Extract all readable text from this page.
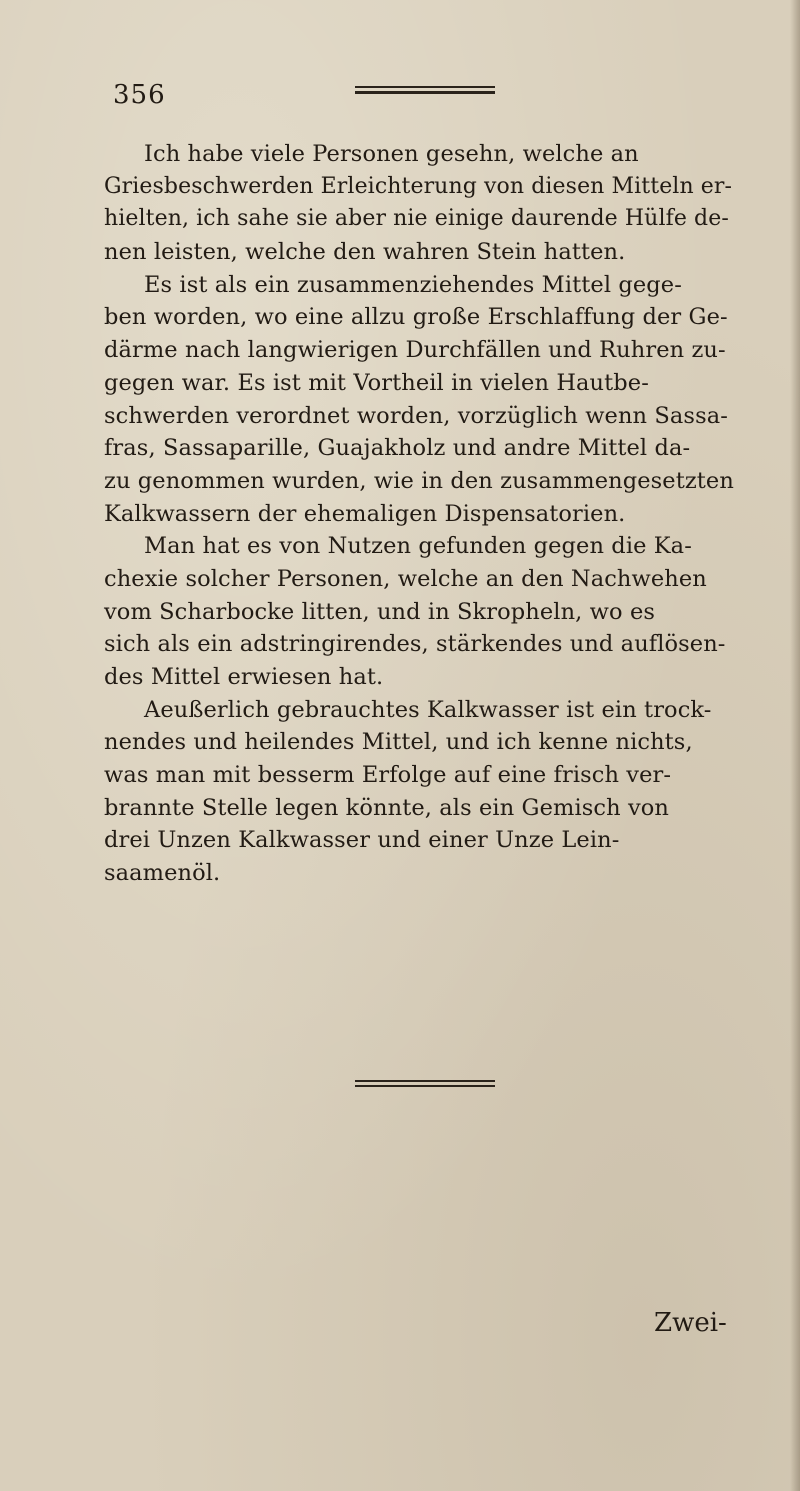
356
Ich habe viele Personen gesehn, welche an
Griesbeschwerden Erleichterung von diesen Mitteln er-
hielten, ich sahe sie aber nie einige daurende Hülfe de-
nen leisten, welche den wahren Stein hatten.
Es ist als ein zusammenziehendes Mittel gege-
ben worden, wo eine allzu große Erschlaffung der Ge-
därme nach langwierigen Durchfällen und Ruhren zu-
gegen war. Es ist mit Vortheil in vielen Hautbe-
schwerden verordnet worden, vorzüglich wenn Sassa-
fras, Sassaparille, Guajakholz und andre Mittel da-
zu genommen wurden, wie in den zusammengesetzten
Kalkwassern der ehemaligen Dispensatorien.
Man hat es von Nutzen gefunden gegen die Ka-
chexie solcher Personen, welche an den Nachwehen
vom Scharbocke litten, und in Skropheln, wo es
sich als ein adstringirendes, stärkendes und auflösen-
des Mittel erwiesen hat.
Aeußerlich gebrauchtes Kalkwasser ist ein trock-
nendes und heilendes Mittel, und ich kenne nichts,
was man mit besserm Erfolge auf eine frisch ver-
brannte Stelle legen könnte, als ein Gemisch von
drei Unzen Kalkwasser und einer Unze Lein-
saamenöl.
Zwei-
